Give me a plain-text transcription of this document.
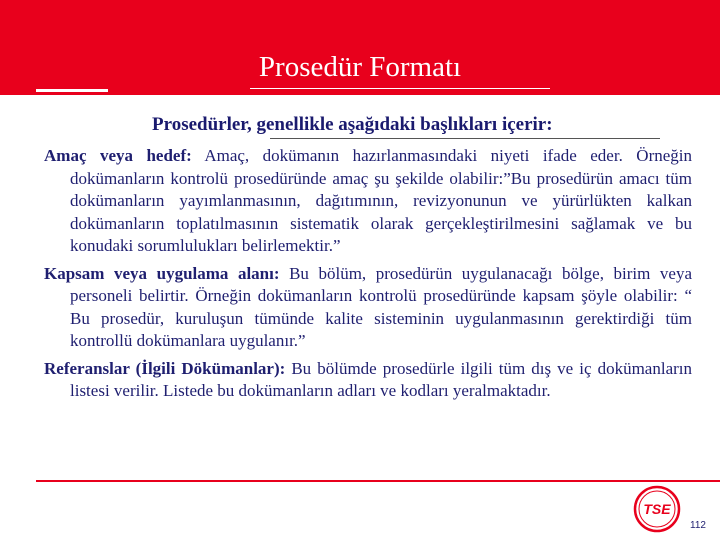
Prosedür Formatı
Prosedürler, genellikle aşağıdaki başlıkları içerir:

Amaç veya hedef: Amaç, dokümanın hazırlanmasındaki niyeti ifade eder. Örneğin dokümanların kontrolü prosedüründe amaç şu şekilde olabilir:”Bu prosedürün amacı tüm dokümanların yayımlanmasının, dağıtımının, revizyonunun ve yürürlükten kalkan dokümanların toplatılmasının sistematik olarak gerçekleştirilmesini sağlamak ve bu konudaki sorumlulukları belirlemektir.”

Kapsam veya uygulama alanı: Bu bölüm, prosedürün uygulanacağı bölge, birim veya personeli belirtir. Örneğin dokümanların kontrolü prosedüründe kapsam şöyle olabilir: “ Bu prosedür, kuruluşun tümünde kalite sisteminin uygulanmasının gerektirdiği tüm kontrollü dokümanlara uygulanır.”

Referanslar (İlgili Dökümanlar): Bu bölümde prosedürle ilgili tüm dış ve iç dokümanların listesi verilir. Listede bu dokümanların adları ve kodları yeralmaktadır.

TSE
112
